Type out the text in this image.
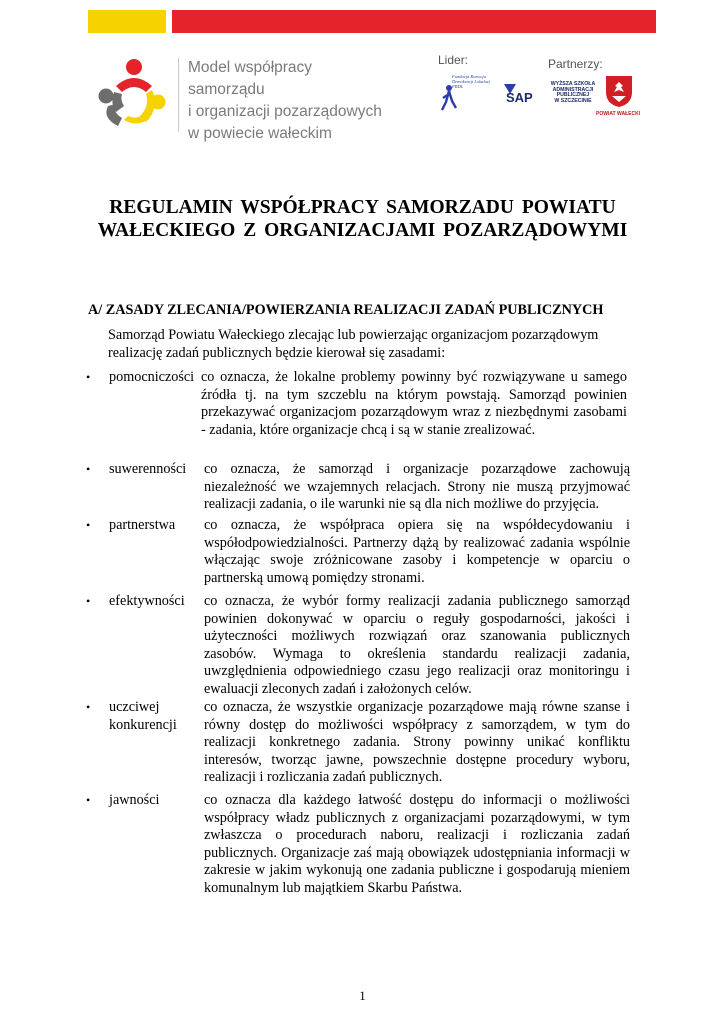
Model współpracy samorządu
i organizacji pozarządowych
w powiecie wałeckim
Lider:
Fundacja Rozwoju Demokracji Lokalnej FRDL
Partnerzy:
SAP
WYŻSZA SZKOŁA
ADMINISTRACJI
PUBLICZNEJ
W SZCZECINIE
POWIAT WAŁECKI
REGULAMIN WSPÓŁPRACY SAMORZADU POWIATU
WAŁECKIEGO Z ORGANIZACJAMI POZARZĄDOWYMI
A/ ZASADY ZLECANIA/POWIERZANIA REALIZACJI ZADAŃ PUBLICZNYCH
Samorząd Powiatu Wałeckiego zlecając lub powierzając organizacjom pozarządowym realizację zadań publicznych będzie kierował się zasadami:
• pomocniczości co oznacza, że lokalne problemy powinny być rozwiązywane u samego źródła tj. na tym szczeblu na którym powstają. Samorząd powinien przekazywać organizacjom pozarządowym wraz z niezbędnymi zasobami - zadania, które organizacje chcą i są w stanie zrealizować.
• suwerenności co oznacza, że samorząd i organizacje pozarządowe zachowują niezależność we wzajemnych relacjach. Strony nie muszą przyjmować realizacji zadania, o ile warunki nie są dla nich możliwe do przyjęcia.
• partnerstwa co oznacza, że współpraca opiera się na współdecydowaniu i współodpowiedzialności. Partnerzy dążą by realizować zadania wspólnie włączając swoje zróżnicowane zasoby i kompetencje w oparciu o partnerską umową pomiędzy stronami.
• efektywności co oznacza, że wybór formy realizacji zadania publicznego samorząd powinien dokonywać w oparciu o reguły gospodarności, jakości i użyteczności możliwych rozwiązań oraz szanowania publicznych zasobów. Wymaga to określenia standardu realizacji zadania, uwzględnienia odpowiedniego czasu jego realizacji oraz monitoringu i ewaluacji zleconych zadań i założonych celów.
• uczciwej konkurencji
co oznacza, że wszystkie organizacje pozarządowe mają równe szanse i równy dostęp do możliwości współpracy z samorządem, w tym do realizacji konkretnego zadania. Strony powinny unikać konfliktu interesów, tworząc jawne, powszechnie dostępne procedury wyboru, realizacji i rozliczania zadań publicznych.
• jawności	co oznacza dla każdego łatwość dostępu do informacji o możliwości współpracy władz publicznych z organizacjami pozarządowymi, w tym zwłaszcza o procedurach naboru, realizacji i rozliczania zadań publicznych. Organizacje zaś mają obowiązek udostępniania informacji w zakresie w jakim wykonują one zadania publiczne i gospodarują mieniem komunalnym lub majątkiem Skarbu Państwa.
1
